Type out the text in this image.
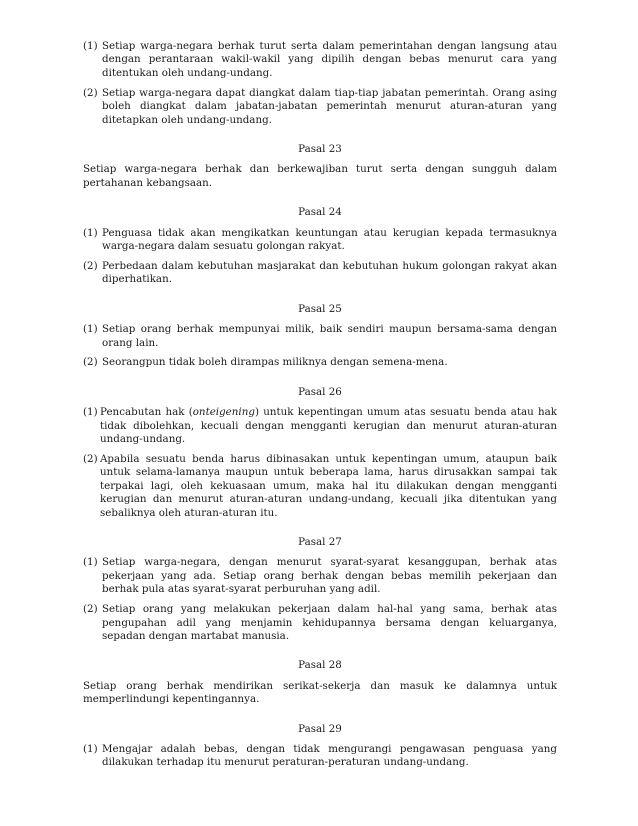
(1) Setiap warga-negara berhak turut serta dalam pemerintahan dengan langsung atau dengan perantaraan wakil-wakil yang dipilih dengan bebas menurut cara yang ditentukan oleh undang-undang.
(2) Setiap warga-negara dapat diangkat dalam tiap-tiap jabatan pemerintah. Orang asing boleh diangkat dalam jabatan-jabatan pemerintah menurut aturan-aturan yang ditetapkan oleh undang-undang.

Pasal 23

Setiap warga-negara berhak dan berkewajiban turut serta dengan sungguh dalam pertahanan kebangsaan.

Pasal 24

(1) Penguasa tidak akan mengikatkan keuntungan atau kerugian kepada termasuknya warga-negara dalam sesuatu golongan rakyat.
(2) Perbedaan dalam kebutuhan masjarakat dan kebutuhan hukum golongan rakyat akan diperhatikan.

Pasal 25

(1) Setiap orang berhak mempunyai milik, baik sendiri maupun bersama-sama dengan orang lain.
(2) Seorangpun tidak boleh dirampas miliknya dengan semena-mena.

Pasal 26

(1) Pencabutan hak (onteigening) untuk kepentingan umum atas sesuatu benda atau hak tidak dibolehkan, kecuali dengan mengganti kerugian dan menurut aturan-aturan undang-undang.
(2) Apabila sesuatu benda harus dibinasakan untuk kepentingan umum, ataupun baik untuk selama-lamanya maupun untuk beberapa lama, harus dirusakkan sampai tak terpakai lagi, oleh kekuasaan umum, maka hal itu dilakukan dengan mengganti kerugian dan menurut aturan-aturan undang-undang, kecuali jika ditentukan yang sebaliknya oleh aturan-aturan itu.

Pasal 27

(1) Setiap warga-negara, dengan menurut syarat-syarat kesanggupan, berhak atas pekerjaan yang ada. Setiap orang berhak dengan bebas memilih pekerjaan dan berhak pula atas syarat-syarat perburuhan yang adil.
(2) Setiap orang yang melakukan pekerjaan dalam hal-hal yang sama, berhak atas pengupahan adil yang menjamin kehidupannya bersama dengan keluarganya, sepadan dengan martabat manusia.

Pasal 28

Setiap orang berhak mendirikan serikat-sekerja dan masuk ke dalamnya untuk memperlindungi kepentingannya.

Pasal 29

(1) Mengajar adalah bebas, dengan tidak mengurangi pengawasan penguasa yang dilakukan terhadap itu menurut peraturan-peraturan undang-undang.
